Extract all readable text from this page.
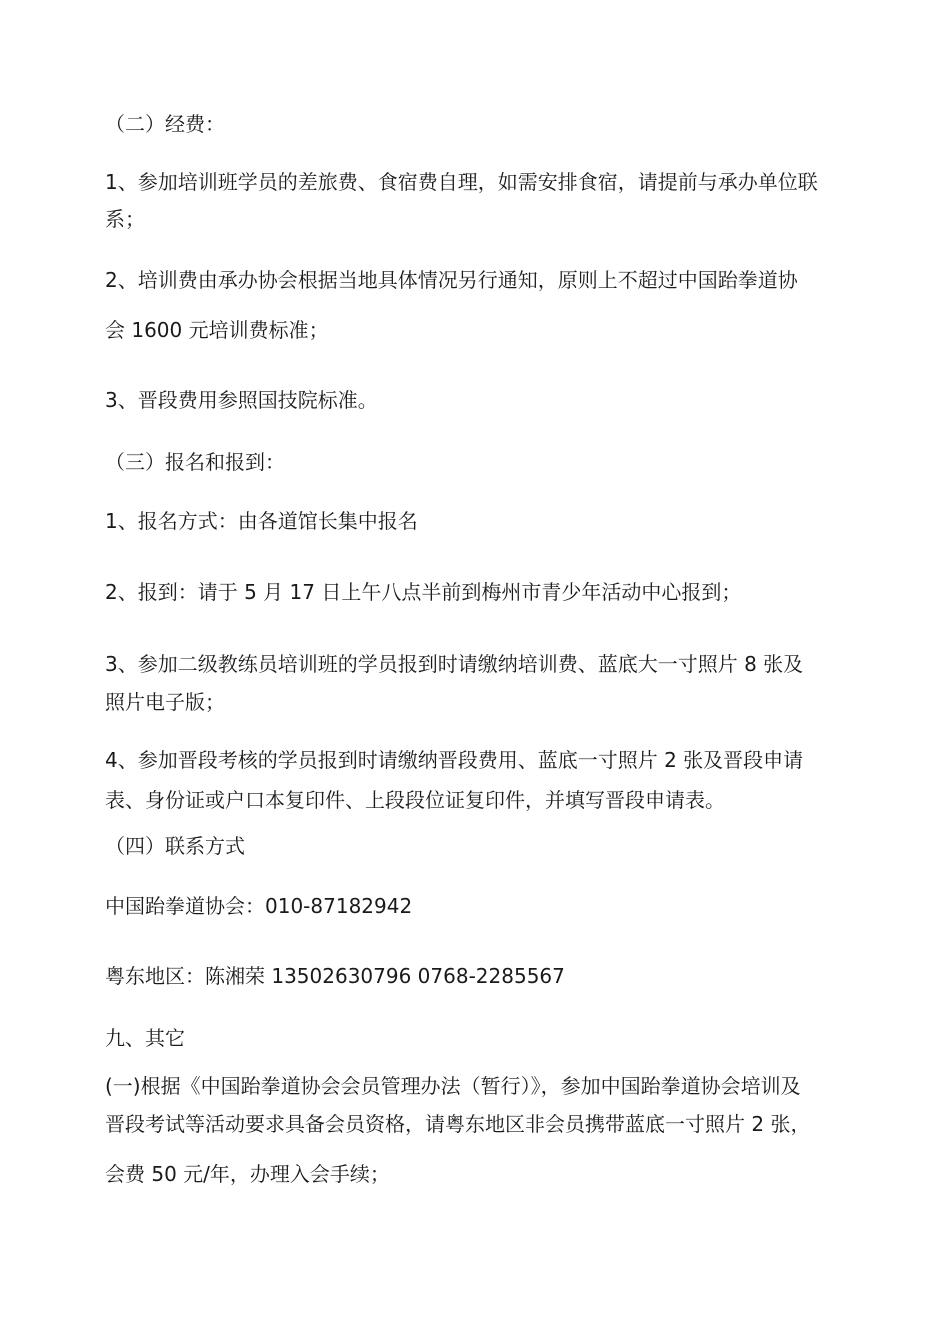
（二）经费：
1、参加培训班学员的差旅费、食宿费自理，如需安排食宿，请提前与承办单位联
系；
2、培训费由承办协会根据当地具体情况另行通知，原则上不超过中国跆拳道协
会 1600 元培训费标准；
3、晋段费用参照国技院标准。
（三）报名和报到：
1、报名方式：由各道馆长集中报名
2、报到：请于 5 月 17 日上午八点半前到梅州市青少年活动中心报到；
3、参加二级教练员培训班的学员报到时请缴纳培训费、蓝底大一寸照片 8 张及
照片电子版；
4、参加晋段考核的学员报到时请缴纳晋段费用、蓝底一寸照片 2 张及晋段申请
表、身份证或户口本复印件、上段段位证复印件，并填写晋段申请表。
（四）联系方式
中国跆拳道协会：010-87182942
粤东地区：陈湘荣 13502630796 0768-2285567
九、其它
(一)根据《中国跆拳道协会会员管理办法（暂行）》，参加中国跆拳道协会培训及
晋段考试等活动要求具备会员资格，请粤东地区非会员携带蓝底一寸照片 2 张，
会费 50 元/年，办理入会手续；
